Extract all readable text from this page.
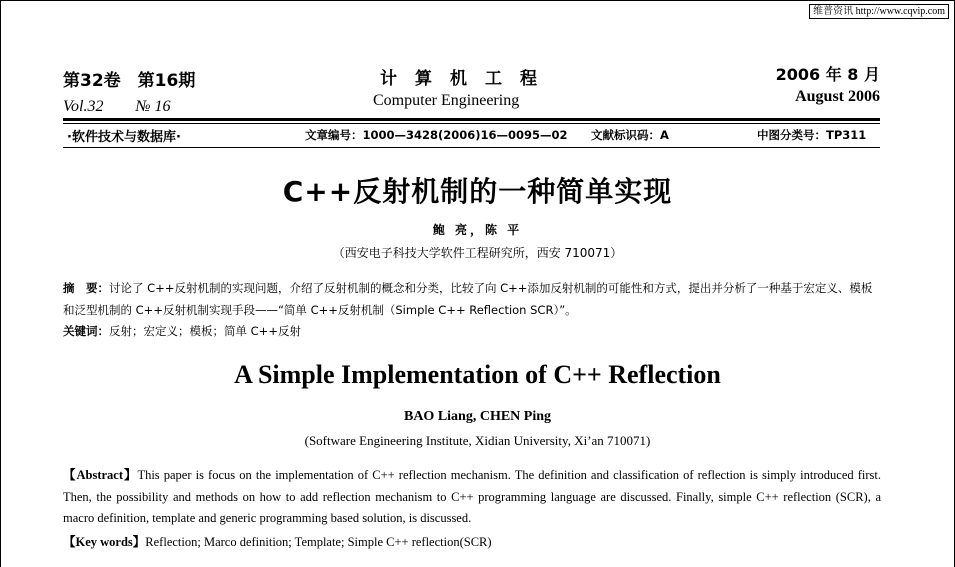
维普资讯 http://www.cqvip.com
第32卷　第16期
Vol.32　　№ 16
计算机工程
Computer Engineering
2006 年 8 月
August 2006
·软件技术与数据库·	文章编号：1000—3428(2006)16—0095—02 文献标识码：A	中图分类号：TP311
C++反射机制的一种简单实现
鲍 亮，陈 平
（西安电子科技大学软件工程研究所，西安 710071）
摘　要：讨论了 C++反射机制的实现问题，介绍了反射机制的概念和分类，比较了向 C++添加反射机制的可能性和方式，提出并分析了一种基于宏定义、模板和泛型机制的 C++反射机制实现手段——“简单 C++反射机制（Simple C++ Reflection SCR）”。
关键词：反射；宏定义；模板；简单 C++反射
A Simple Implementation of C++ Reflection
BAO Liang, CHEN Ping
(Software Engineering Institute, Xidian University, Xi’an 710071)
【Abstract】This paper is focus on the implementation of C++ reflection mechanism. The definition and classification of reflection is simply introduced first. Then, the possibility and methods on how to add reflection mechanism to C++ programming language are discussed. Finally, simple C++ reflection (SCR), a macro definition, template and generic programming based solution, is discussed.
【Key words】Reflection; Marco definition; Template; Simple C++ reflection(SCR)
